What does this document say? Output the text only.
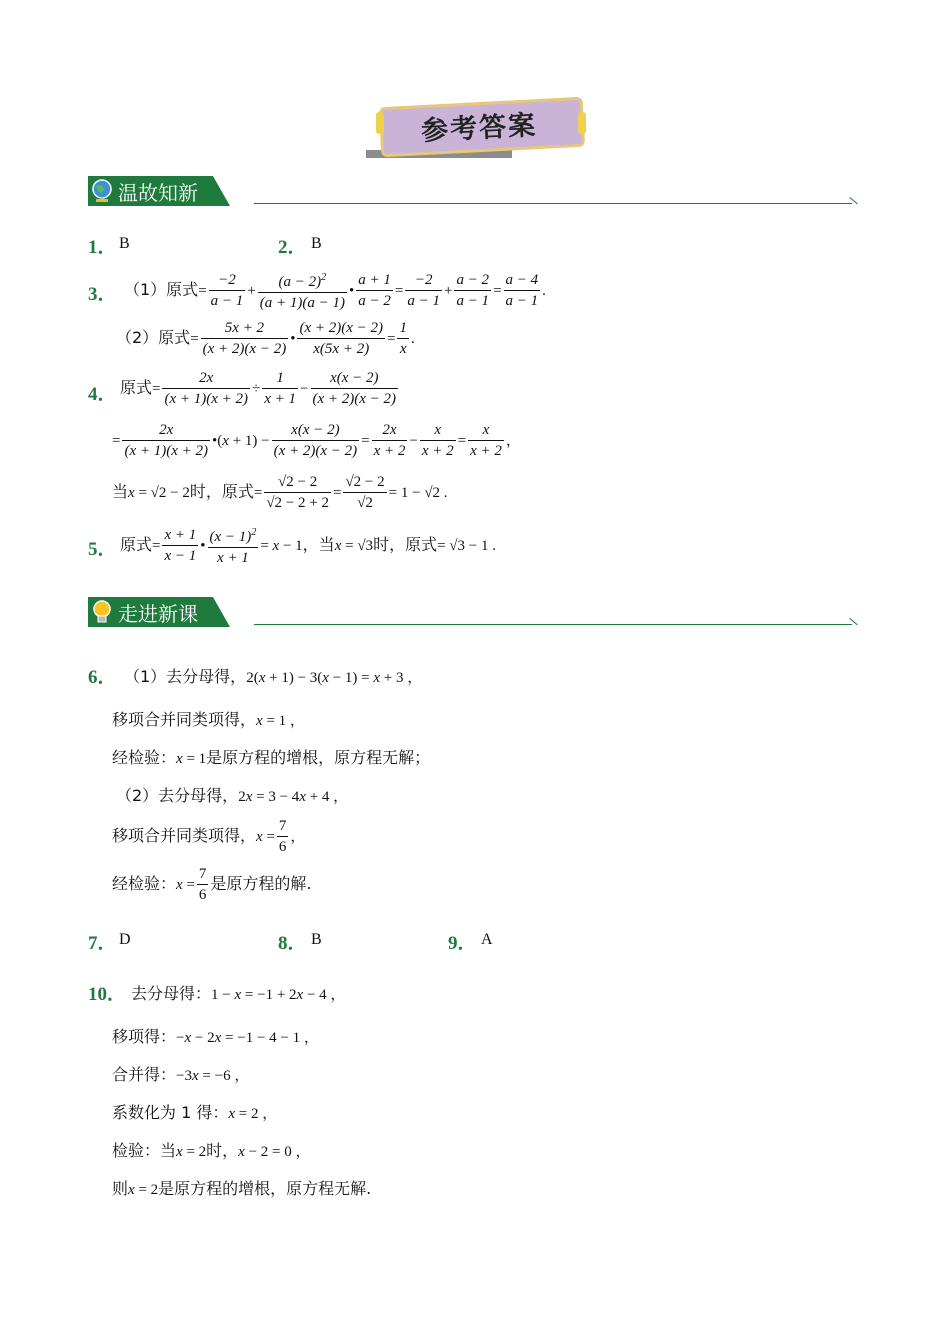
参考答案
温故知新
1． B	2． B
3． （1）原式= $\frac{-2}{a - 1} + \frac{(a - 2)^2}{(a + 1)(a - 1)}$ • $\frac{a + 1}{a - 2} = \frac{-2}{a - 1} + \frac{a - 2}{a - 1} = \frac{a - 4}{a - 1}$ .
（2）原式= $\frac{5x + 2}{(x + 2)(x - 2)}$ • $\frac{(x + 2)(x - 2)}{x(5x + 2)} = \frac{1}{x}$ .
4． 原式= $\frac{2x}{(x + 1)(x + 2)} \div \frac{1}{x + 1} - \frac{x(x - 2)}{(x + 2)(x - 2)}$
= $\frac{2x}{(x + 1)(x + 2)}$ •(x + $1) - \frac{x(x - 2)}{(x + 2)(x - 2)} = \frac{2x}{x + 2} - \frac{x}{x + 2} = \frac{x}{x + 2}$ ，
当x = √2 − 2时，原式= $\frac{√2 - 2}{√2 - 2 + 2} = \frac{√2 - 2}{√2} = 1 - √2$ .
5． 原式= $\frac{x + 1}{x - 1}$ • $\frac{(x - 1)^2}{x + 1} = x - 1$，当x = √3时，原式= √3 − 1 .
走进新课
6． （1）去分母得，2(x + 1) − 3(x − 1) = x + 3 ，
移项合并同类项得，x = 1 ，
经检验：x = 1是原方程的增根，原方程无解；
（2）去分母得，2x = 3 − 4x + 4 ，
移项合并同类项得，$x = \frac{7}{6}$ ，
经检验：$x = \frac{7}{6}$ 是原方程的解.
7． D	8． B	9． A
10． 去分母得：1 − x = −1 + 2x − 4 ，
移项得：−x − 2x = −1 − 4 − 1 ，
合并得：−3x = −6 ，
系数化为 1 得：x = 2 ，
检验：当x = 2时，x − 2 = 0 ，
则x = 2是原方程的增根，原方程无解.
